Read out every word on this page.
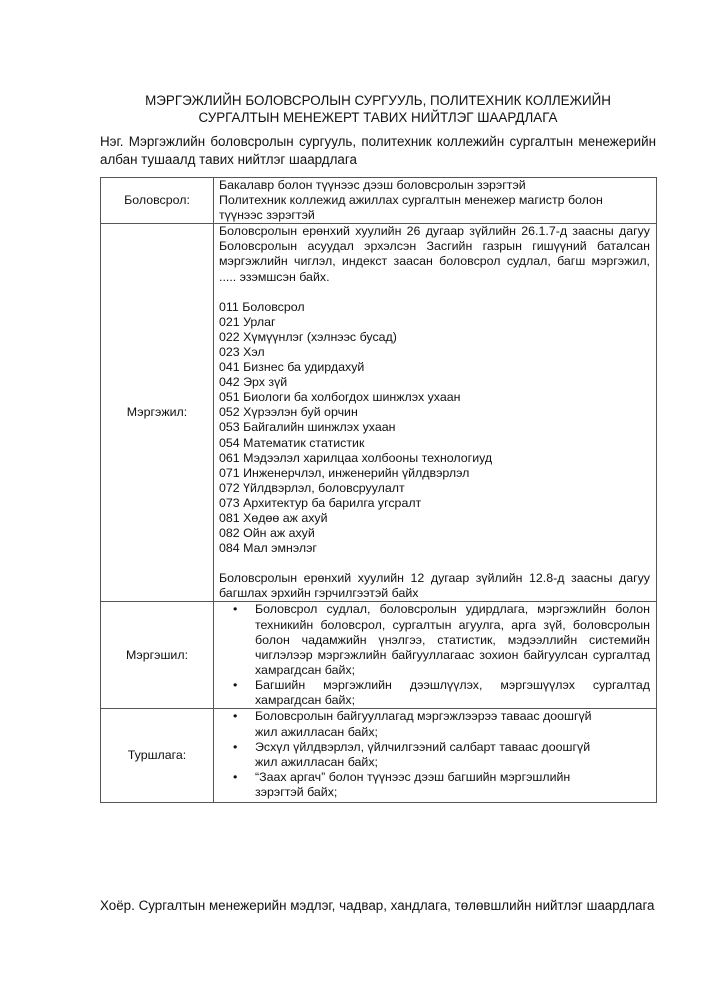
МЭРГЭЖЛИЙН БОЛОВСРОЛЫН СУРГУУЛЬ, ПОЛИТЕХНИК КОЛЛЕЖИЙН
СУРГАЛТЫН МЕНЕЖЕРТ ТАВИХ НИЙТЛЭГ ШААРДЛАГА
Нэг. Мэргэжлийн боловсролын сургууль, политехник коллежийн сургалтын менежерийн албан тушаалд тавих нийтлэг шаардлага
Боловсрол:	Бакалавр болон түүнээс дээш боловсролын зэрэгтэй
Политехник коллежид ажиллах сургалтын менежер магистр болон түүнээс зэрэгтэй

Мэргэжил:	
Боловсролын ерөнхий хуулийн 26 дугаар зүйлийн 26.1.7-д заасны дагуу Боловсролын асуудал эрхэлсэн Засгийн газрын гишүүний баталсан мэргэжлийн чиглэл, индекст заасан боловсрол судлал, багш мэргэжил, ..... эзэмшсэн байх.
011 Боловсрол
021 Урлаг
022 Хүмүүнлэг (хэлнээс бусад)
023 Хэл
041 Бизнес ба удирдахуй
042 Эрх зүй
051 Биологи ба холбогдох шинжлэх ухаан
052 Хүрээлэн буй орчин
053 Байгалийн шинжлэх ухаан
054 Математик статистик
061 Мэдээлэл харилцаа холбооны технологиуд
071 Инженерчлэл, инженерийн үйлдвэрлэл
072 Үйлдвэрлэл, боловсруулалт
073 Архитектур ба барилга угсралт
081 Хөдөө аж ахуй
082 Ойн аж ахуй
084 Мал эмнэлэг
Боловсролын ерөнхий хуулийн 12 дугаар зүйлийн 12.8-д заасны дагуу багшлах эрхийн гэрчилгээтэй байх

Мэргэшил:	
• Боловсрол судлал, боловсролын удирдлага, мэргэжлийн болон техникийн боловсрол, сургалтын агуулга, арга зүй, боловсролын болон чадамжийн үнэлгээ, статистик, мэдээллийн системийн чиглэлээр мэргэжлийн байгууллагаас зохион байгуулсан сургалтад хамрагдсан байх;
• Багшийн мэргэжлийн дээшлүүлэх, мэргэшүүлэх сургалтад хамрагдсан байх;

Туршлага:	
• Боловсролын байгууллагад мэргэжлээрээ таваас доошгүй жил ажилласан байх;
• Эсхүл үйлдвэрлэл, үйлчилгээний салбарт таваас доошгүй жил ажилласан байх;
• “Заах аргач” болон түүнээс дээш багшийн мэргэшлийн зэрэгтэй байх;
Хоёр. Сургалтын менежерийн мэдлэг, чадвар, хандлага, төлөвшлийн нийтлэг шаардлага
